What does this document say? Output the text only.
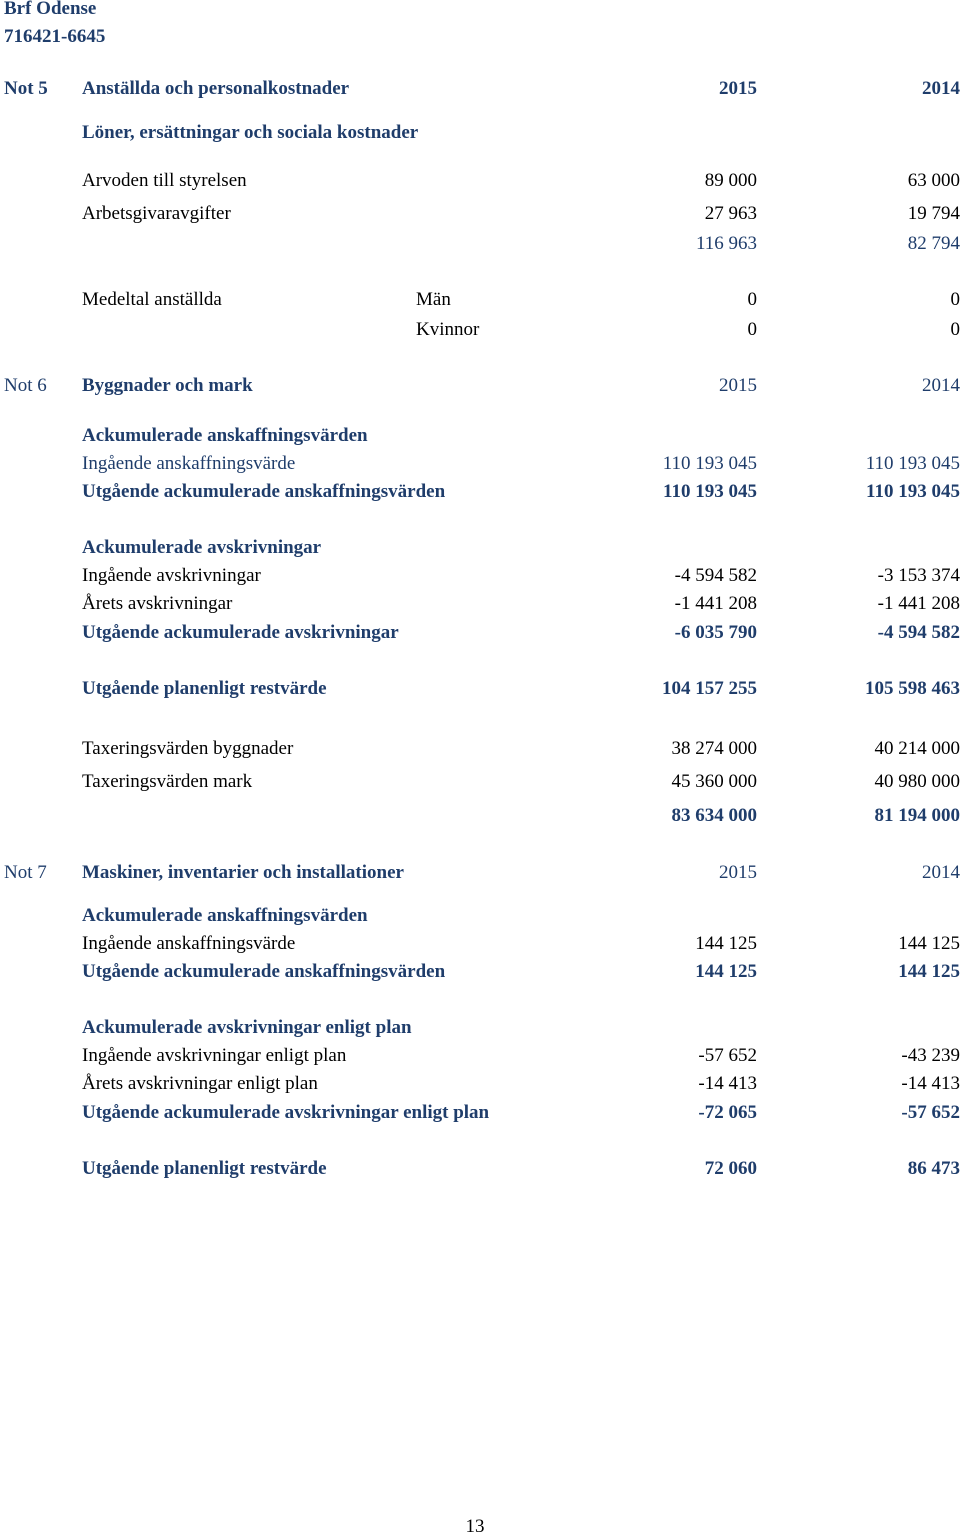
Brf Odense
716421-6645
Not 5 Anställda och personalkostnader	2015	2014
Löner, ersättningar och sociala kostnader
Arvoden till styrelsen	89 000	63 000
Arbetsgivaravgifter	27 963	19 794
116 963	82 794
Medeltal anställda	Män	0	0
Kvinnor	0	0
Not 6 Byggnader och mark	2015	2014
Ackumulerade anskaffningsvärden
Ingående anskaffningsvärde	110 193 045	110 193 045
Utgående ackumulerade anskaffningsvärden	110 193 045	110 193 045
Ackumulerade avskrivningar
Ingående avskrivningar	-4 594 582	-3 153 374
Årets avskrivningar	-1 441 208	-1 441 208
Utgående ackumulerade avskrivningar	-6 035 790	-4 594 582
Utgående planenligt restvärde	104 157 255	105 598 463
Taxeringsvärden byggnader	38 274 000	40 214 000
Taxeringsvärden mark	45 360 000	40 980 000
83 634 000	81 194 000
Not 7 Maskiner, inventarier och installationer	2015	2014
Ackumulerade anskaffningsvärden
Ingående anskaffningsvärde	144 125	144 125
Utgående ackumulerade anskaffningsvärden	144 125	144 125
Ackumulerade avskrivningar enligt plan
Ingående avskrivningar enligt plan	-57 652	-43 239
Årets avskrivningar enligt plan	-14 413	-14 413
Utgående ackumulerade avskrivningar enligt plan	-72 065	-57 652
Utgående planenligt restvärde	72 060	86 473
13
